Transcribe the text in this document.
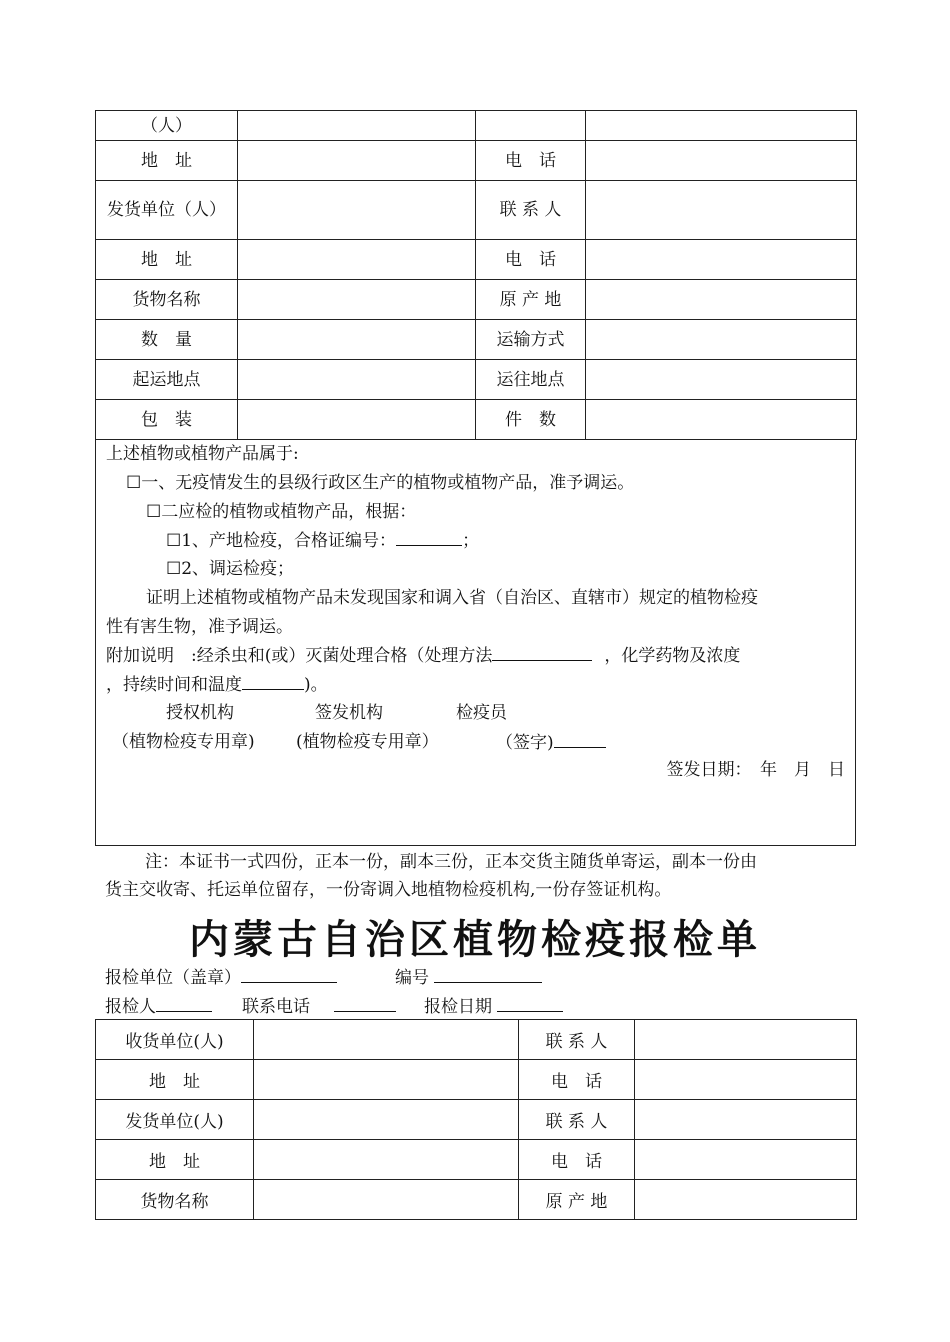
（人）			
地　址		电　话	
发货单位（人）		联 系 人	
地　址		电　话	
货物名称		原 产 地	
数　量		运输方式	
起运地点		运往地点	
包　装		件　数	
上述植物或植物产品属于:
☐一、无疫情发生的县级行政区生产的植物或植物产品，准予调运。
☐二应检的植物或植物产品，根据：
☐1、产地检疫，合格证编号：	；
☐2、调运检疫；
证明上述植物或植物产品未发现国家和调入省（自治区、直辖市）规定的植物检疫
性有害生物，准予调运。
附加说明　:经杀虫和(或）灭菌处理合格（处理方法	，化学药物及浓度
，持续时间和温度	)。
授权机构	签发机构	检疫员
（植物检疫专用章) (植物检疫专用章）	（签字)
签发日期：　年　月　日
注：本证书一式四份，正本一份，副本三份，正本交货主随货单寄运，副本一份由
货主交收寄、托运单位留存，一份寄调入地植物检疫机构,一份存签证机构。
内蒙古自治区植物检疫报检单
报检单位（盖章）	编号
报检人	联系电话	报检日期
收货单位(人)		联 系 人	
地　址		电　话	
发货单位(人)		联 系 人	
地　址		电　话	
货物名称		原 产 地	
